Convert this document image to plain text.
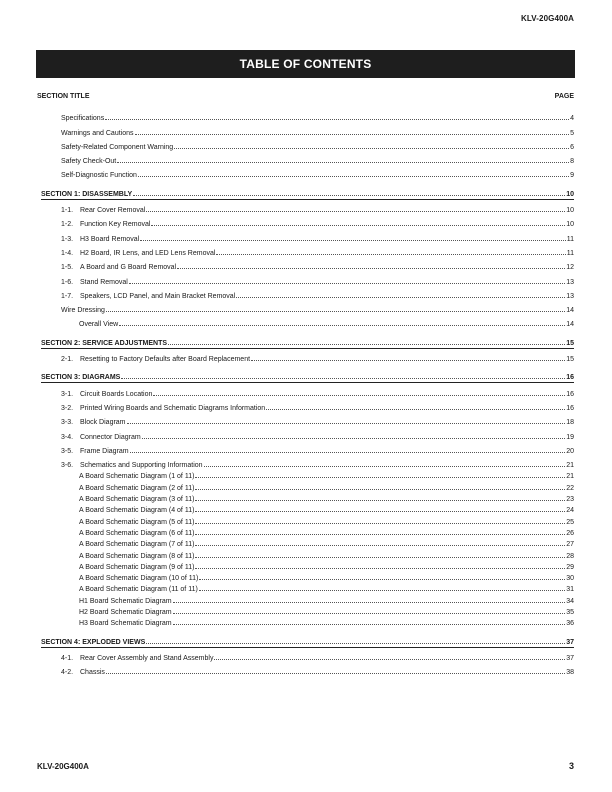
KLV-20G400A
TABLE OF CONTENTS
SECTION TITLE	PAGE
Specifications	4
Warnings and Cautions	5
Safety-Related Component Warning	6
Safety Check-Out	8
Self-Diagnostic Function	9
SECTION 1: DISASSEMBLY	10
1-1. Rear Cover Removal	10
1-2. Function Key Removal	10
1-3. H3 Board Removal	11
1-4. H2 Board, IR Lens, and LED Lens Removal	11
1-5. A Board and G Board Removal	12
1-6. Stand Removal	13
1-7. Speakers, LCD Panel, and Main Bracket Removal	13
Wire Dressing	14
Overall View	14
SECTION 2: SERVICE ADJUSTMENTS	15
2-1. Resetting to Factory Defaults after Board Replacement	15
SECTION 3: DIAGRAMS	16
3-1. Circuit Boards Location	16
3-2. Printed Wiring Boards and Schematic Diagrams Information	16
3-3. Block Diagram	18
3-4. Connector Diagram	19
3-5. Frame Diagram	20
3-6. Schematics and Supporting Information	21
A Board Schematic Diagram (1 of 11)	21
A Board Schematic Diagram (2 of 11)	22
A Board Schematic Diagram (3 of 11)	23
A Board Schematic Diagram (4 of 11)	24
A Board Schematic Diagram (5 of 11)	25
A Board Schematic Diagram (6 of 11)	26
A Board Schematic Diagram (7 of 11)	27
A Board Schematic Diagram (8 of 11)	28
A Board Schematic Diagram (9 of 11)	29
A Board Schematic Diagram (10 of 11)	30
A Board Schematic Diagram (11 of 11)	31
H1 Board Schematic Diagram	34
H2 Board Schematic Diagram	35
H3 Board Schematic Diagram	36
SECTION 4: EXPLODED VIEWS	37
4-1. Rear Cover Assembly and Stand Assembly	37
4-2. Chassis	38
KLV-20G400A	3
